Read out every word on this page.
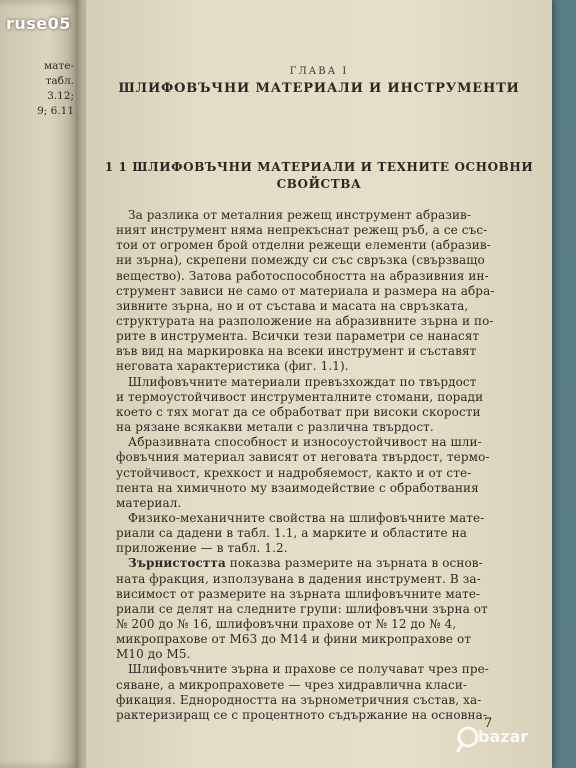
мате-
табл.
3.12;
9; 6.11
ruse05
ГЛАВА I
ШЛИФОВЪЧНИ МАТЕРИАЛИ И ИНСТРУМЕНТИ
1 1 ШЛИФОВЪЧНИ МАТЕРИАЛИ И ТЕХНИТЕ ОСНОВНИ
СВОЙСТВА
За разлика от металния режещ инструмент абразив-
ният инструмент няма непрекъснат режещ ръб, а се със-
тои от огромен брой отделни режещи елементи (абразив-
ни зърна), скрепени помежду си със свръзка (свързващо
вещество). Затова работоспособността на абразивния ин-
струмент зависи не само от материала и размера на абра-
зивните зърна, но и от състава и масата на свръзката,
структурата на разположение на абразивните зърна и по-
рите в инструмента. Всички тези параметри се нанасят
във вид на маркировка на всеки инструмент и съставят
неговата характеристика (фиг. 1.1).
Шлифовъчните материали превъзхождат по твърдост
и термоустойчивост инструменталните стомани, поради
което с тях могат да се обработват при високи скорости
на рязане всякакви метали с различна твърдост.
Абразивната способност и износоустойчивост на шли-
фовъчния материал зависят от неговата твърдост, термо-
устойчивост, крехкост и надробяемост, както и от сте-
пента на химичното му взаимодействие с обработвания
материал.
Физико-механичните свойства на шлифовъчните мате-
риали са дадени в табл. 1.1, а марките и областите на
приложение — в табл. 1.2.
Зърнистостта показва размерите на зърната в основ-
ната фракция, използувана в дадения инструмент. В за-
висимост от размерите на зърната шлифовъчните мате-
риали се делят на следните групи: шлифовъчни зърна от
№ 200 до № 16, шлифовъчни прахове от № 12 до № 4,
микропрахове от М63 до М14 и фини микропрахове от
М10 до М5.
Шлифовъчните зърна и прахове се получават чрез пре-
сяване, а микропраховете — чрез хидравлична класи-
фикация. Еднородността на зърнометричния състав, ха-
рактеризиращ се с процентното съдържание на основна-
7
bazar
